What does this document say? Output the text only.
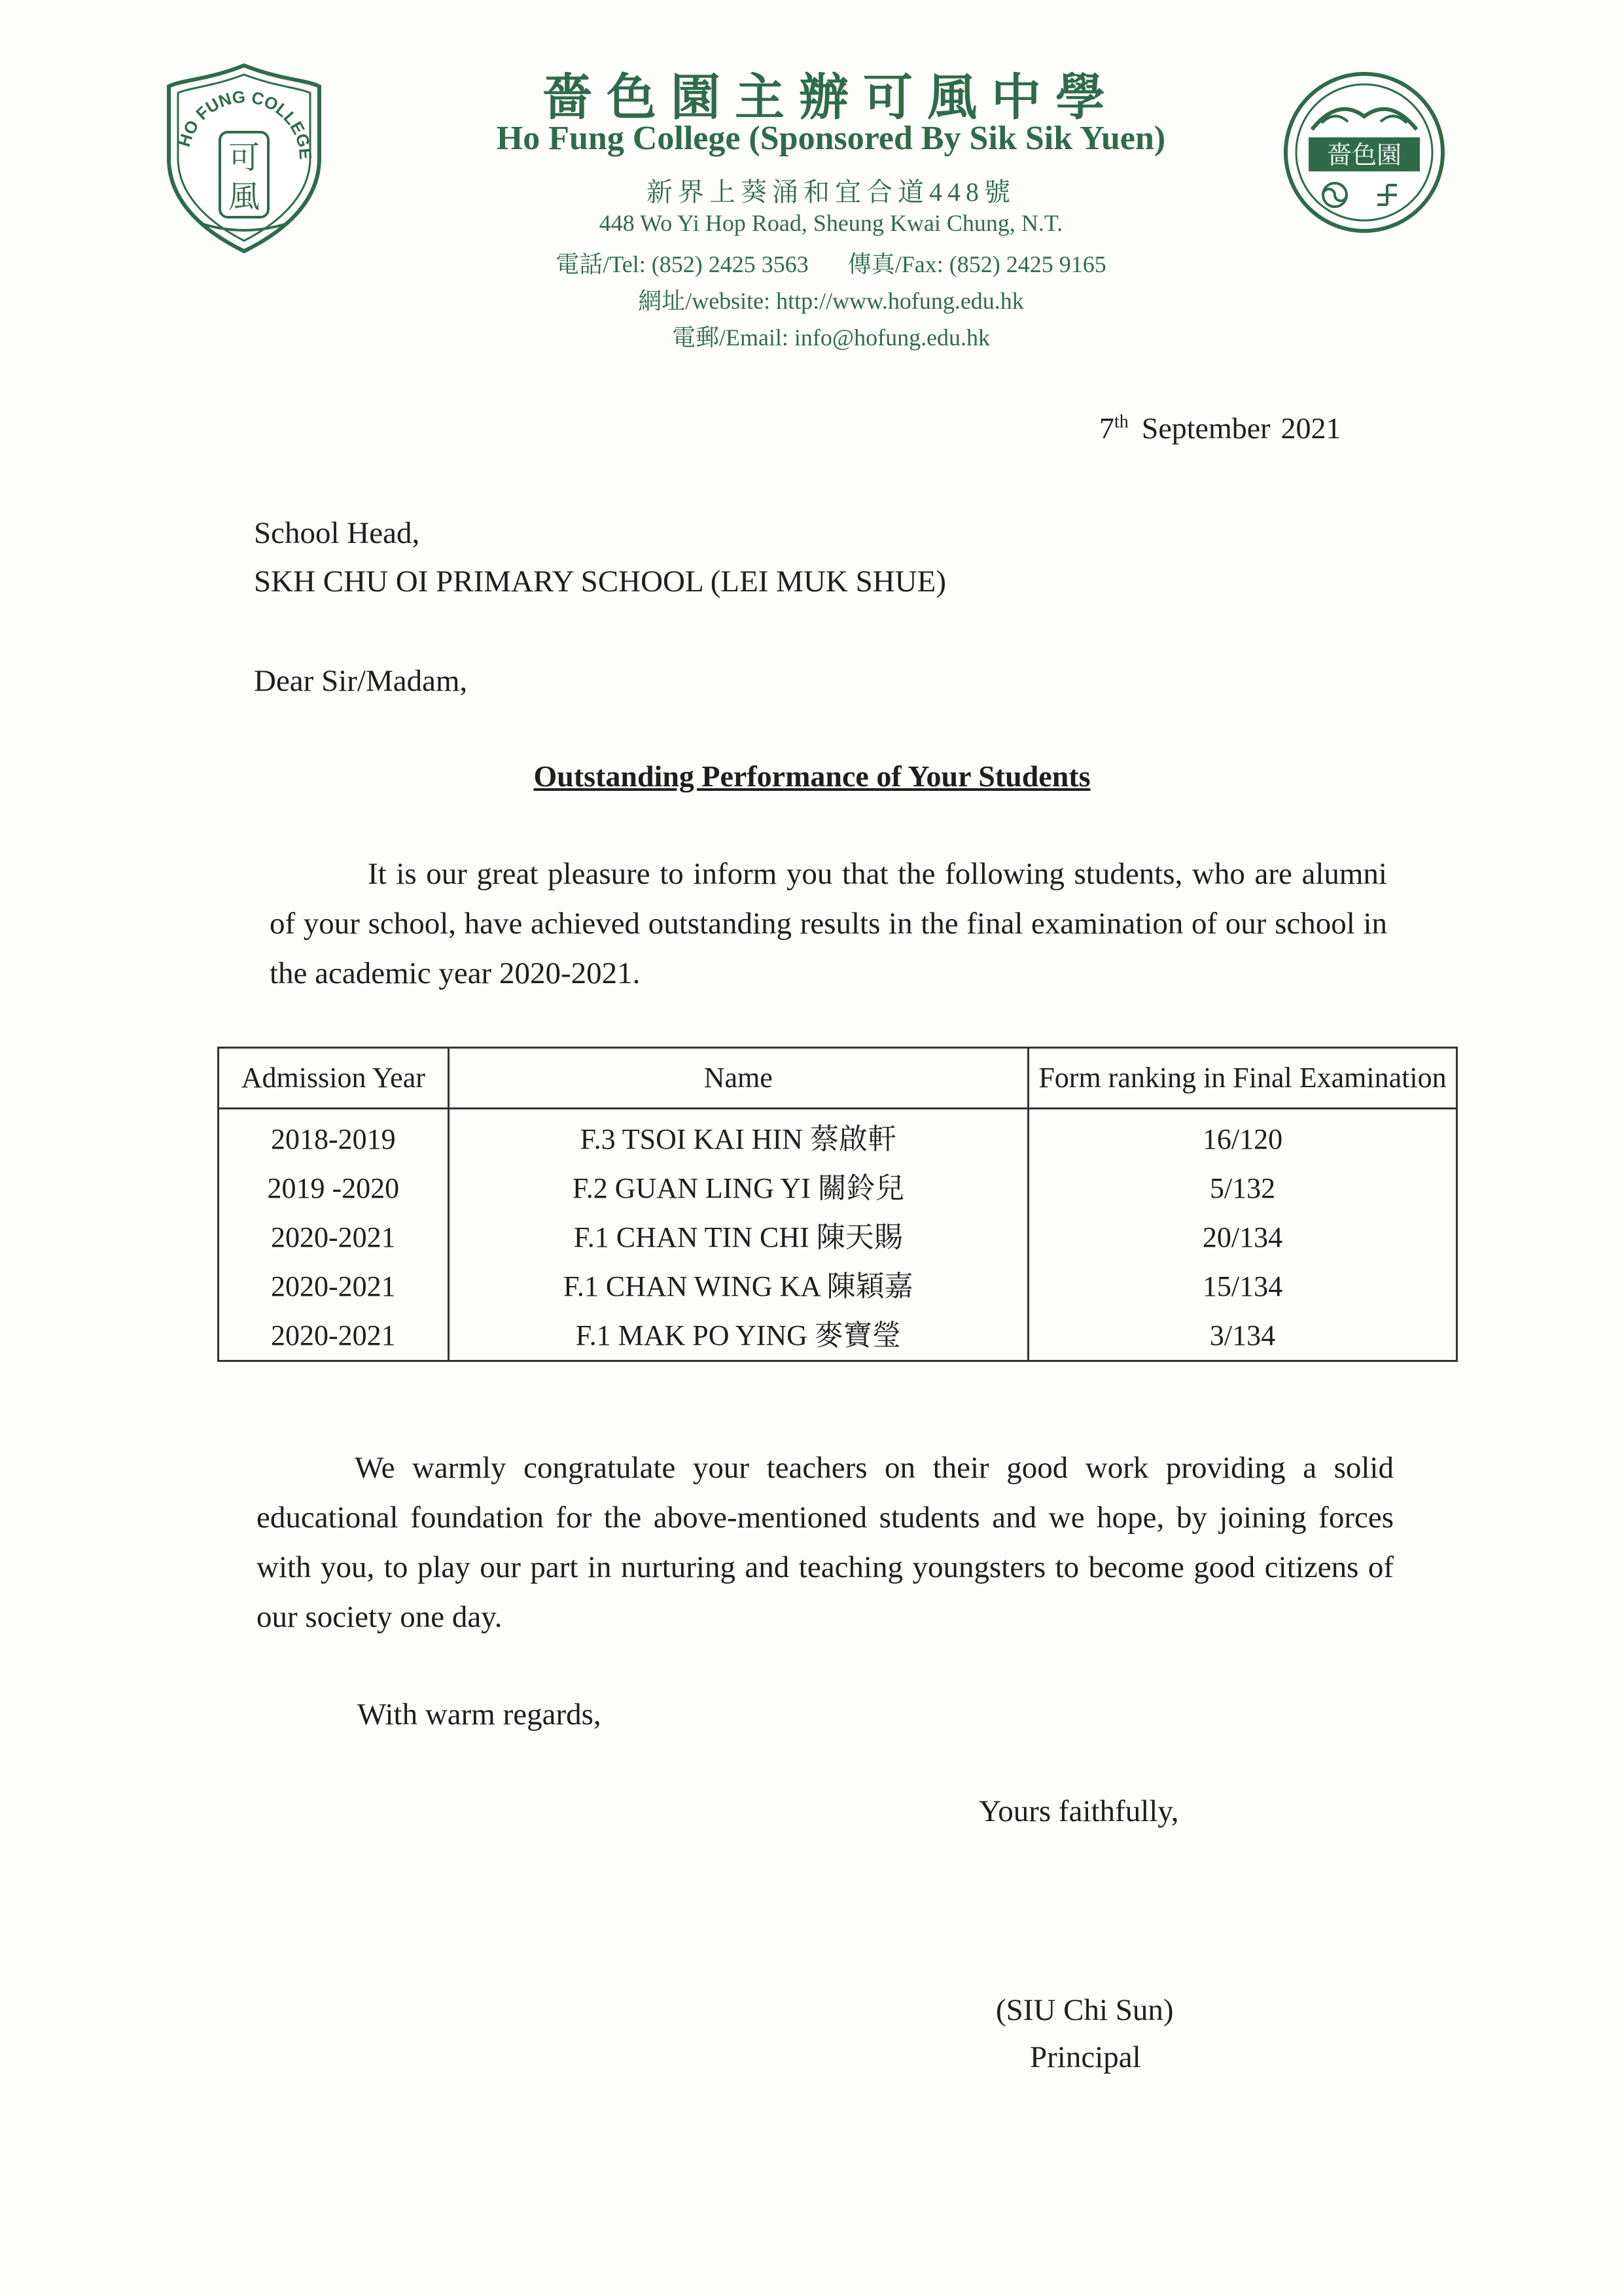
HO FUNG COLLEGE
可
風
嗇色園
嗇色園主辦可風中學
Ho Fung College (Sponsored By Sik Sik Yuen)
新界上葵涌和宜合道448號
448 Wo Yi Hop Road, Sheung Kwai Chung, N.T.
電話/Tel: (852) 2425 3563 傳真/Fax: (852) 2425 9165
網址/website: http://www.hofung.edu.hk
電郵/Email: info@hofung.edu.hk
7th September 2021
School Head,
SKH CHU OI PRIMARY SCHOOL (LEI MUK SHUE)
Dear Sir/Madam,
Outstanding Performance of Your Students
It is our great pleasure to inform you that the following students, who are alumni of your school, have achieved outstanding results in the final examination of our school in the academic year 2020-2021.
Admission Year	Name	Form ranking in Final Examination
2018-2019	F.3 TSOI KAI HIN 蔡啟軒	16/120
2019 -2020	F.2 GUAN LING YI 關鈴兒	5/132
2020-2021	F.1 CHAN TIN CHI 陳天賜	20/134
2020-2021	F.1 CHAN WING KA 陳穎嘉	15/134
2020-2021	F.1 MAK PO YING 麥寶瑩	3/134
We warmly congratulate your teachers on their good work providing a solid educational foundation for the above-mentioned students and we hope, by joining forces with you, to play our part in nurturing and teaching youngsters to become good citizens of our society one day.
With warm regards,
Yours faithfully,
(SIU Chi Sun)
Principal
